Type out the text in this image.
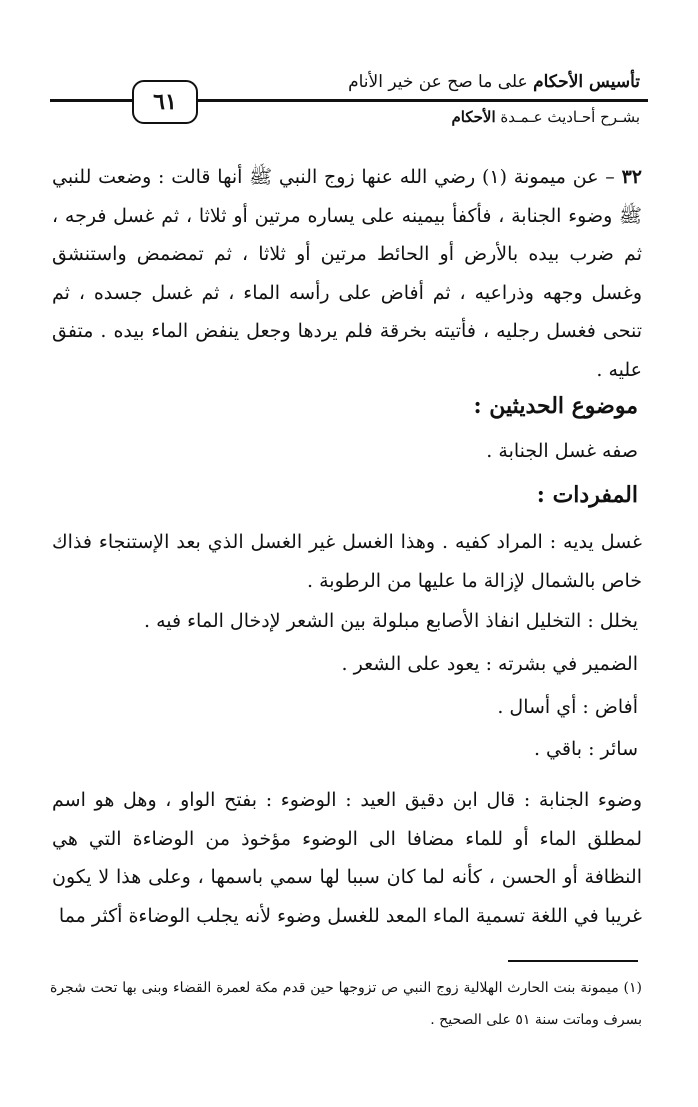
تأسيس الأحكام على ما صح عن خير الأنام
٦١
بشـرح أحـاديث عـمـدة الأحكام
٣٢ – عن ميمونة (١) رضي الله عنها زوج النبي ﷺ أنها قالت : وضعت للنبي ﷺ وضوء الجنابة ، فأكفأ بيمينه على يساره مرتين أو ثلاثا ، ثم غسل فرجه ، ثم ضرب بيده بالأرض أو الحائط مرتين أو ثلاثا ، ثم تمضمض واستنشق وغسل وجهه وذراعيه ، ثم أفاض على رأسه الماء ، ثم غسل جسده ، ثم تنحى فغسل رجليه ، فأتيته بخرقة فلم يردها وجعل ينفض الماء بيده . متفق عليه .
موضوع الحديثين :
صفه غسل الجنابة .
المفردات :
غسل يديه : المراد كفيه . وهذا الغسل غير الغسل الذي بعد الإستنجاء فذاك خاص بالشمال لإزالة ما عليها من الرطوبة .
يخلل : التخليل انفاذ الأصابع مبلولة بين الشعر لإدخال الماء فيه .
الضمير في بشرته : يعود على الشعر .
أفاض : أي أسال .
سائر : باقي .
وضوء الجنابة : قال ابن دقيق العيد : الوضوء : بفتح الواو ، وهل هو اسم لمطلق الماء أو للماء مضافا الى الوضوء مؤخوذ من الوضاءة التي هي النظافة أو الحسن ، كأنه لما كان سببا لها سمي باسمها ، وعلى هذا لا يكون غريبا في اللغة تسمية الماء المعد للغسل وضوء لأنه يجلب الوضاءة أكثر مما
(١) ميمونة بنت الحارث الهلالية زوج النبي ص تزوجها حين قدم مكة لعمرة القضاء وبنى بها تحت شجرة بسرف وماتت سنة ٥١ على الصحيح .
